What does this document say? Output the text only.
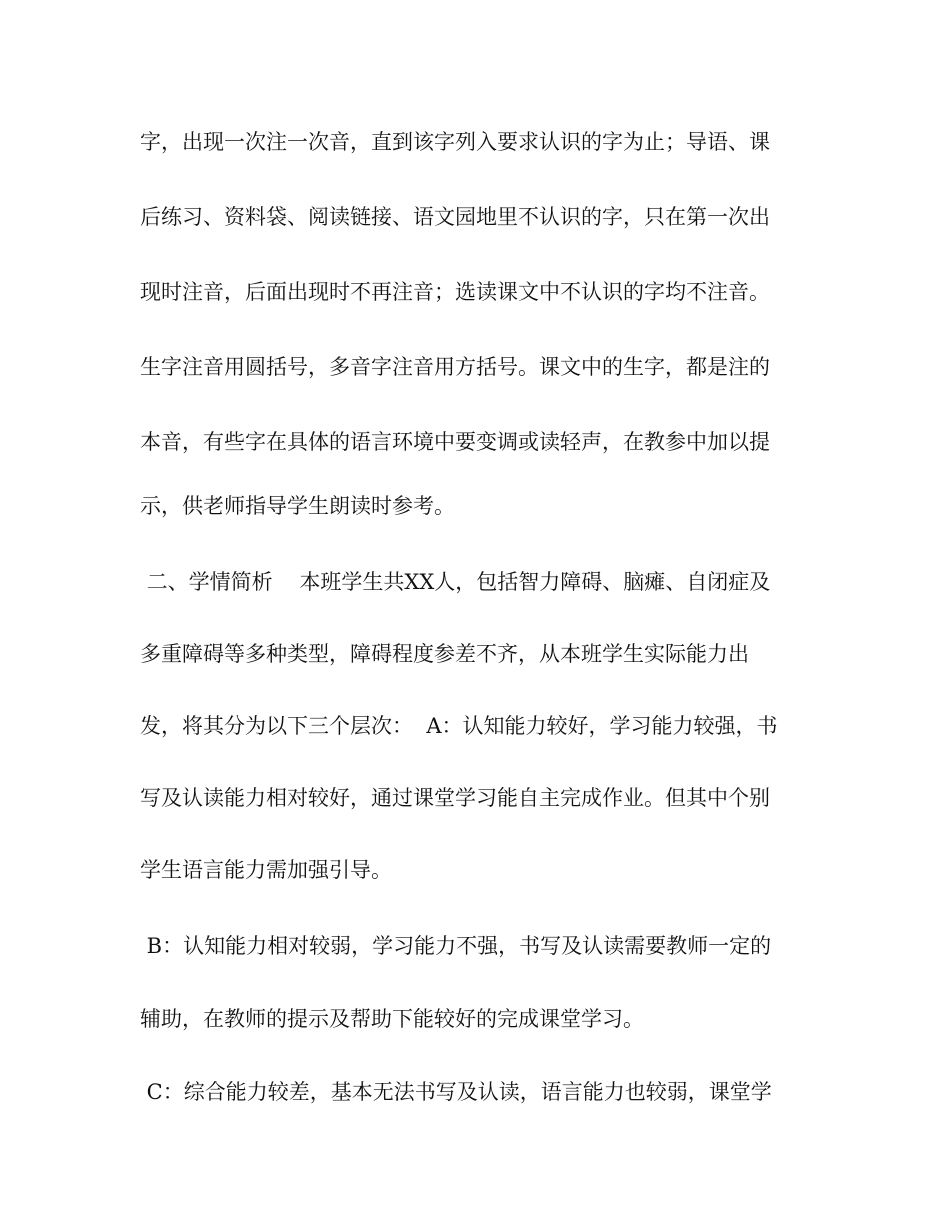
字，出现一次注一次音，直到该字列入要求认识的字为止；导语、课
后练习、资料袋、阅读链接、语文园地里不认识的字，只在第一次出
现时注音，后面出现时不再注音；选读课文中不认识的字均不注音。
生字注音用圆括号，多音字注音用方括号。课文中的生字，都是注的
本音，有些字在具体的语言环境中要变调或读轻声，在教参中加以提
示，供老师指导学生朗读时参考。
二、学情简析    本班学生共XX人，包括智力障碍、脑瘫、自闭症及
多重障碍等多种类型，障碍程度参差不齐，从本班学生实际能力出
发，将其分为以下三个层次：  A：认知能力较好，学习能力较强，书
写及认读能力相对较好，通过课堂学习能自主完成作业。但其中个别
学生语言能力需加强引导。
B：认知能力相对较弱，学习能力不强，书写及认读需要教师一定的
辅助，在教师的提示及帮助下能较好的完成课堂学习。
C：综合能力较差，基本无法书写及认读，语言能力也较弱，课堂学
